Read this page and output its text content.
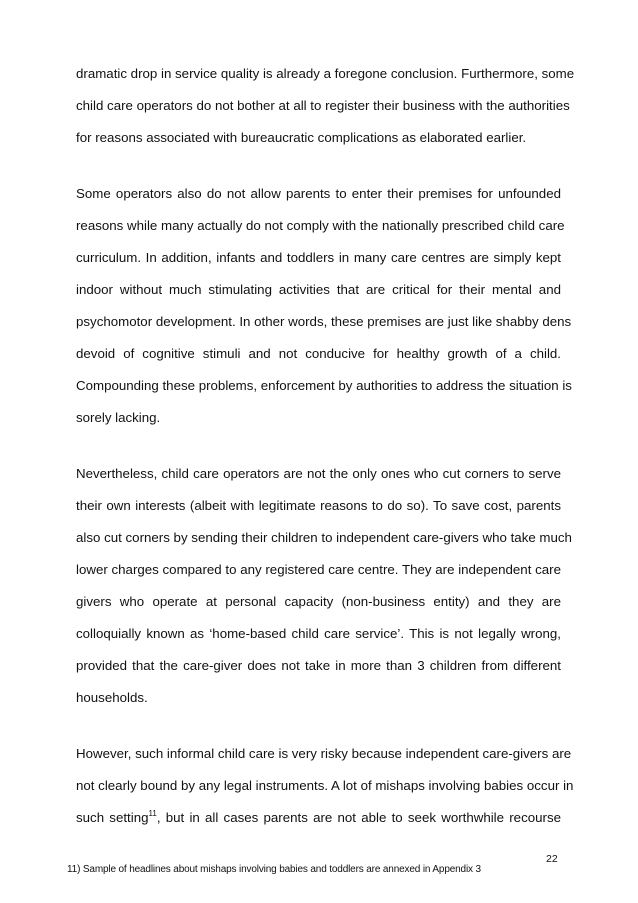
dramatic drop in service quality is already a foregone conclusion. Furthermore, some
child care operators do not bother at all to register their business with the authorities
for reasons associated with bureaucratic complications as elaborated earlier.
Some operators also do not allow parents to enter their premises for unfounded
reasons while many actually do not comply with the nationally prescribed child care
curriculum. In addition, infants and toddlers in many care centres are simply kept
indoor without much stimulating activities that are critical for their mental and
psychomotor development. In other words, these premises are just like shabby dens
devoid of cognitive stimuli and not conducive for healthy growth of a child.
Compounding these problems, enforcement by authorities to address the situation is
sorely lacking.
Nevertheless, child care operators are not the only ones who cut corners to serve
their own interests (albeit with legitimate reasons to do so). To save cost, parents
also cut corners by sending their children to independent care-givers who take much
lower charges compared to any registered care centre. They are independent care
givers who operate at personal capacity (non-business entity) and they are
colloquially known as ‘home-based child care service’. This is not legally wrong,
provided that the care-giver does not take in more than 3 children from different
households.
However, such informal child care is very risky because independent care-givers are
not clearly bound by any legal instruments. A lot of mishaps involving babies occur in
such setting$^{11}$, but in all cases parents are not able to seek worthwhile recourse
22
11) Sample of headlines about mishaps involving babies and toddlers are annexed in Appendix 3
